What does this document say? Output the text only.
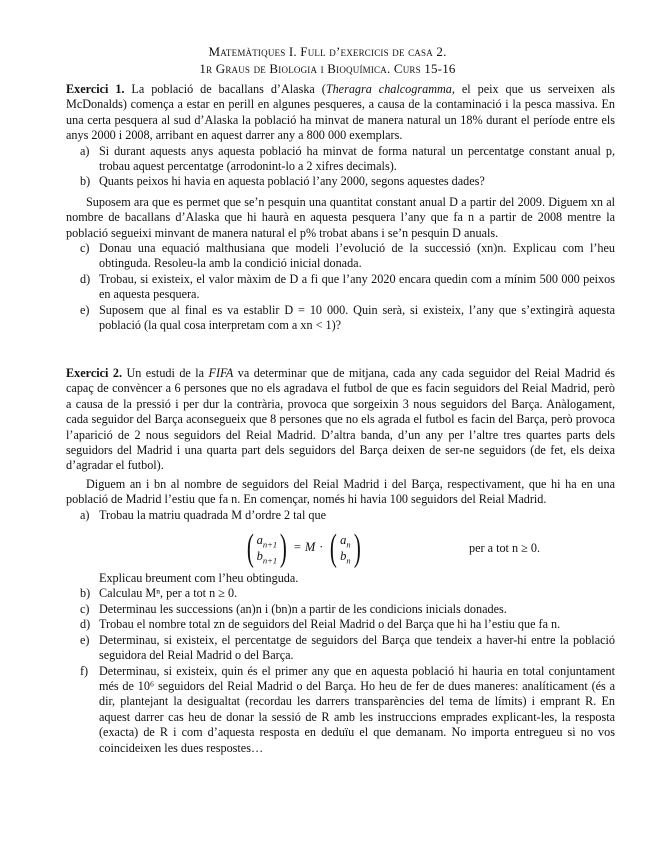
Matemàtiques I. Full d’exercicis de casa 2.
1r Graus de Biologia i Bioquímica. Curs 15-16

Exercici 1. La població de bacallans d’Alaska (Theragra chalcogramma, el peix que us serveixen als McDonalds) comença a estar en perill en algunes pesqueres, a causa de la contaminació i la pesca massiva. En una certa pesquera al sud d’Alaska la població ha minvat de manera natural un 18% durant el període entre els anys 2000 i 2008, arribant en aquest darrer any a 800 000 exemplars.

a) Si durant aquests anys aquesta població ha minvat de forma natural un percentatge constant anual p, trobau aquest percentatge (arrodonint-lo a 2 xifres decimals).
b) Quants peixos hi havia en aquesta població l’any 2000, segons aquestes dades?

Suposem ara que es permet que se’n pesquin una quantitat constant anual D a partir del 2009. Diguem xn al nombre de bacallans d’Alaska que hi haurà en aquesta pesquera l’any que fa n a partir de 2008 mentre la població segueixi minvant de manera natural el p% trobat abans i se’n pesquin D anuals.

c) Donau una equació malthusiana que modeli l’evolució de la successió (xn)n. Explicau com l’heu obtinguda. Resoleu-la amb la condició inicial donada.
d) Trobau, si existeix, el valor màxim de D a fi que l’any 2020 encara quedin com a mínim 500 000 peixos en aquesta pesquera.
e) Suposem que al final es va establir D = 10 000. Quin serà, si existeix, l’any que s’extingirà aquesta població (la qual cosa interpretam com a xn < 1)?

Exercici 2. Un estudi de la FIFA va determinar que de mitjana, cada any cada seguidor del Reial Madrid és capaç de convèncer a 6 persones que no els agradava el futbol de que es facin seguidors del Reial Madrid, però a causa de la pressió i per dur la contrària, provoca que sorgeixin 3 nous seguidors del Barça. Anàlogament, cada seguidor del Barça aconsegueix que 8 persones que no els agrada el futbol es facin del Barça, però provoca l’aparició de 2 nous seguidors del Reial Madrid. D’altra banda, d’un any per l’altre tres quartes parts dels seguidors del Madrid i una quarta part dels seguidors del Barça deixen de ser-ne seguidors (de fet, els deixa d’agradar el futbol).

Diguem an i bn al nombre de seguidors del Reial Madrid i del Barça, respectivament, que hi ha en una població de Madrid l’estiu que fa n. En començar, només hi havia 100 seguidors del Reial Madrid.

a) Trobau la matriu quadrada M d’ordre 2 tal que
( $a_{n+1}$
$b_{n+1}$ ) = M · ( $a_n$
$b_n$ )	per a tot n ≥ 0.
Explicau breument com l’heu obtinguda.
b) Calculau Mⁿ, per a tot n ≥ 0.
c) Determinau les successions (an)n i (bn)n a partir de les condicions inicials donades.
d) Trobau el nombre total zn de seguidors del Reial Madrid o del Barça que hi ha l’estiu que fa n.
e) Determinau, si existeix, el percentatge de seguidors del Barça que tendeix a haver-hi entre la població seguidora del Reial Madrid o del Barça.
f) Determinau, si existeix, quin és el primer any que en aquesta població hi hauria en total conjuntament més de 10⁶ seguidors del Reial Madrid o del Barça. Ho heu de fer de dues maneres: analíticament (és a dir, plantejant la desigualtat (recordau les darrers transparències del tema de límits) i emprant R. En aquest darrer cas heu de donar la sessió de R amb les instruccions emprades explicant-les, la resposta (exacta) de R i com d’aquesta resposta en deduïu el que demanam. No importa entregueu si no vos coincideixen les dues respostes…
